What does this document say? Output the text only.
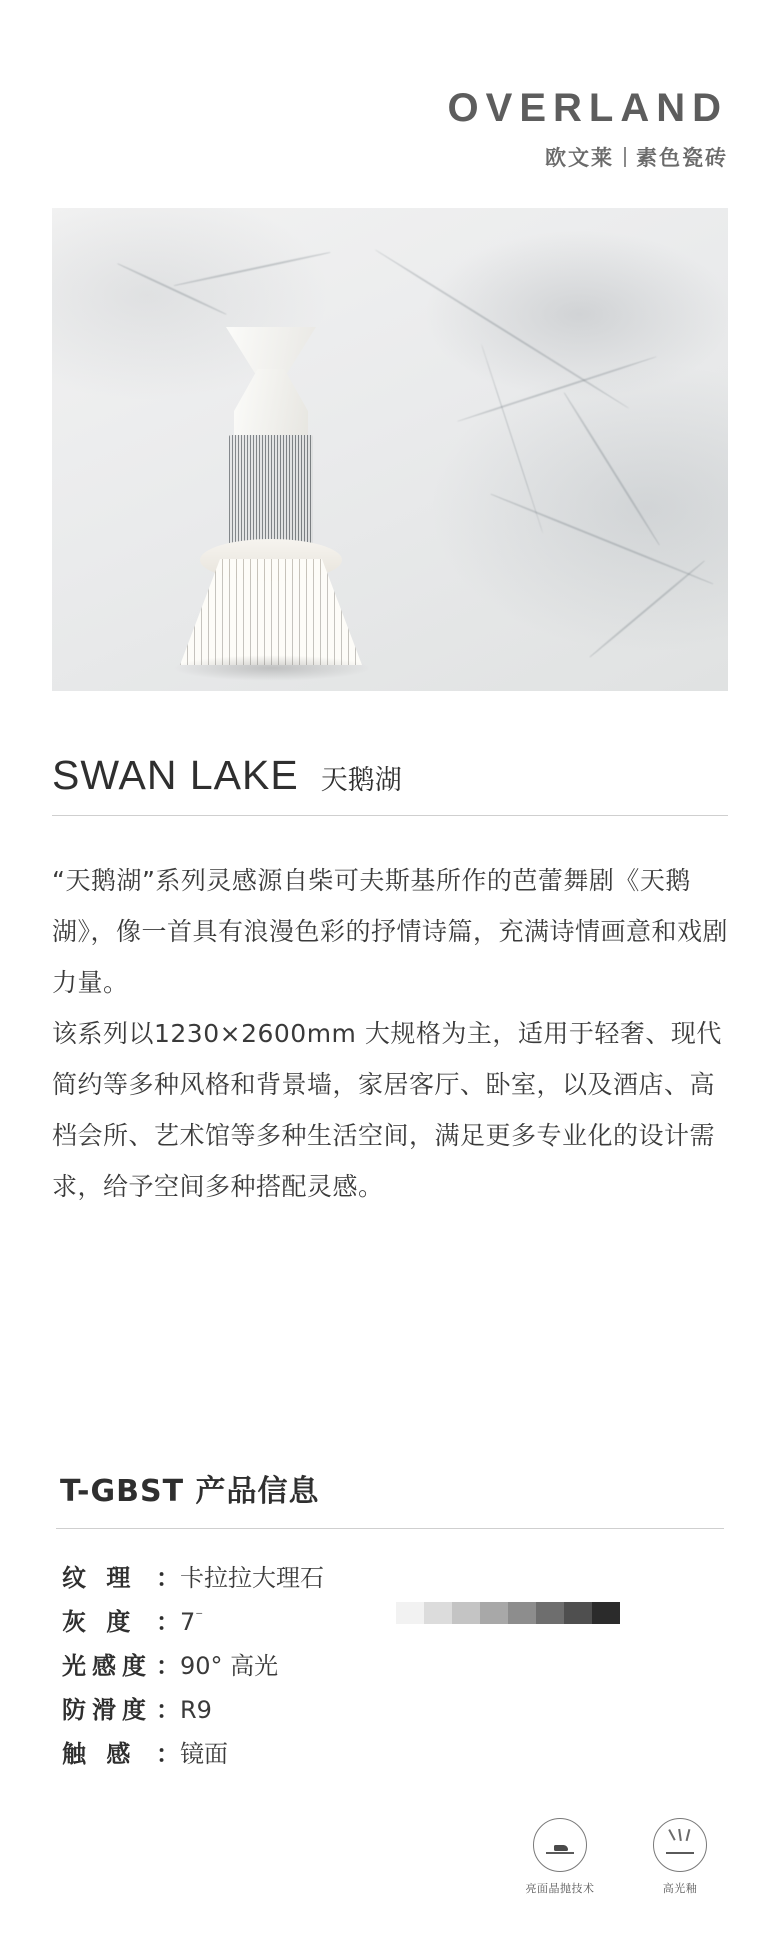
OVERLAND
欧文莱 素色瓷砖
SWAN LAKE 天鹅湖

“天鹅湖”系列灵感源自柴可夫斯基所作的芭蕾舞剧《天鹅湖》，像一首具有浪漫色彩的抒情诗篇，充满诗情画意和戏剧力量。

该系列以1230×2600mm 大规格为主，适用于轻奢、现代简约等多种风格和背景墙，家居客厅、卧室，以及酒店、高档会所、艺术馆等多种生活空间，满足更多专业化的设计需求，给予空间多种搭配灵感。

T-GBST 产品信息
纹 理 ： 卡拉拉大理石
灰 度 ： 7⁻
光感度 ： 90° 高光
防滑度 ： R9
触 感 ： 镜面
亮面晶抛技术	高光釉
